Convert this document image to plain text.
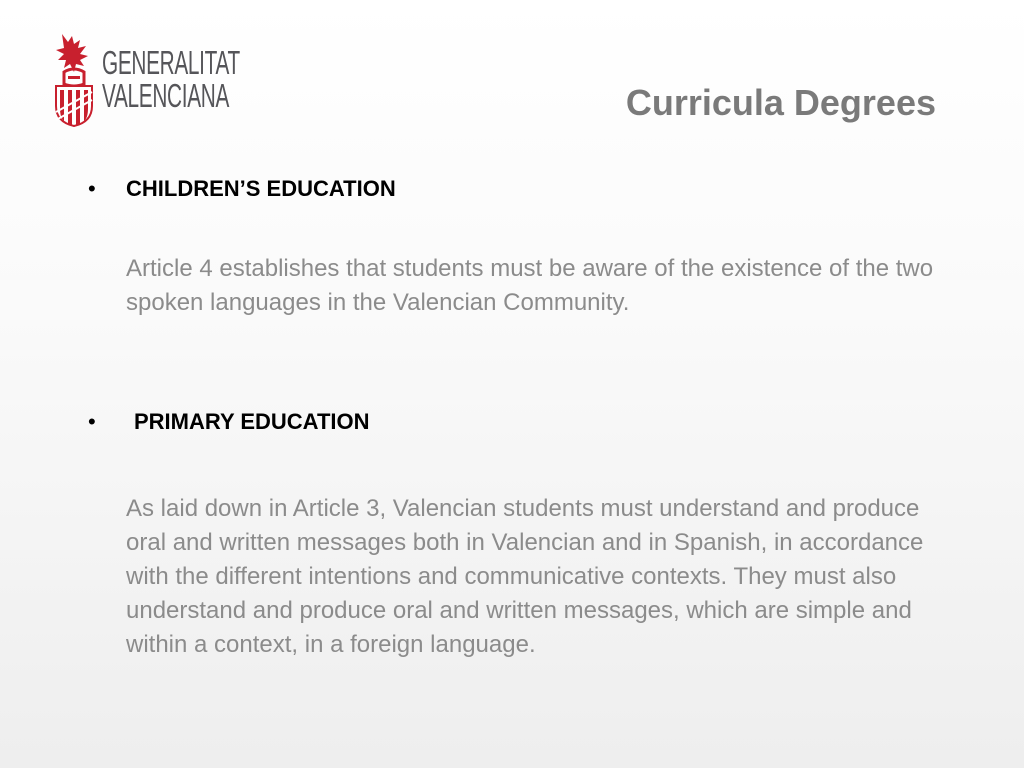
GENERALITAT
VALENCIANA	Curricula Degrees
• CHILDREN’S EDUCATION
Article 4 establishes that students must be aware of the existence of the two spoken languages in the Valencian Community.
• PRIMARY EDUCATION
As laid down in Article 3, Valencian students must understand and produce oral and written messages both in Valencian and in Spanish, in accordance with the different intentions and communicative contexts. They must also understand and produce oral and written messages, which are simple and within a context, in a foreign language.
